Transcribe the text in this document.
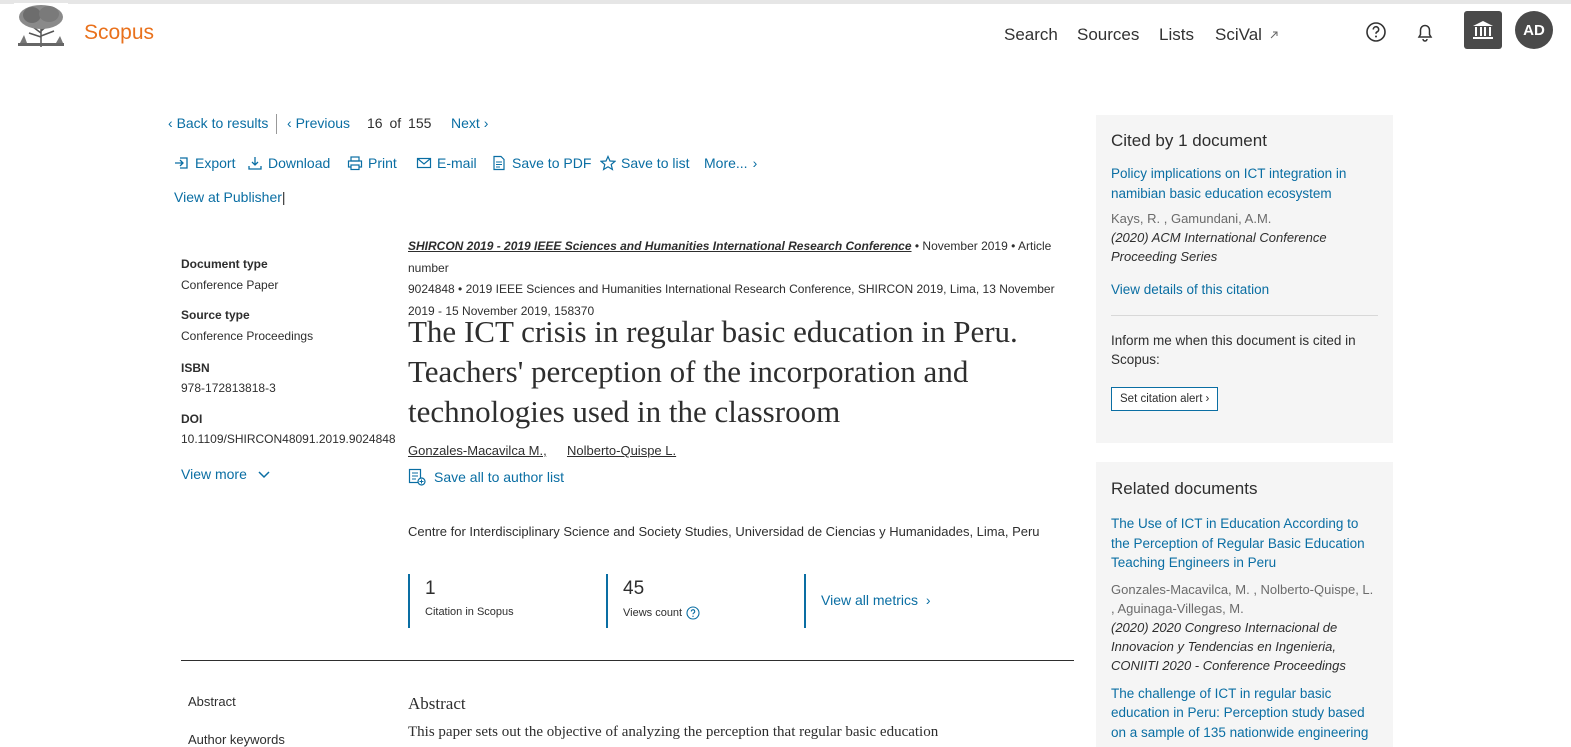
Scopus	Search Sources Lists SciVal	AD
‹ Back to results ‹ Previous 16 of 155 Next ›
Export Download	Print	E-mail	Save to PDF Save to list More... ›
View at Publisher|
Document type
Conference Paper
Source type
Conference Proceedings
ISBN
978-172813818-3
DOI
10.1109/SHIRCON48091.2019.9024848
View more
SHIRCON 2019 - 2019 IEEE Sciences and Humanities International Research Conference • November 2019 • Article number
9024848 • 2019 IEEE Sciences and Humanities International Research Conference, SHIRCON 2019, Lima, 13 November
2019 - 15 November 2019, 158370
The ICT crisis in regular basic education in Peru. Teachers' perception of the incorporation and technologies used in the classroom
Gonzales-Macavilca M., Nolberto-Quispe L.
Save all to author list
Centre for Interdisciplinary Science and Society Studies, Universidad de Ciencias y Humanidades, Lima, Peru
1
Citation in Scopus
45
Views count
View all metrics ›
Abstract
Author keywords
Abstract
This paper sets out the objective of analyzing the perception that regular basic education
Cited by 1 document
Policy implications on ICT integration in namibian basic education ecosystem
Kays, R. , Gamundani, A.M.
(2020) ACM International Conference Proceeding Series
View details of this citation
Inform me when this document is cited in Scopus:
Set citation alert ›
Related documents
The Use of ICT in Education According to the Perception of Regular Basic Education Teaching Engineers in Peru
Gonzales-Macavilca, M. , Nolberto-Quispe, L. , Aguinaga-Villegas, M.
(2020) 2020 Congreso Internacional de Innovacion y Tendencias en Ingenieria, CONIITI 2020 - Conference Proceedings
The challenge of ICT in regular basic education in Peru: Perception study based on a sample of 135 nationwide engineering
